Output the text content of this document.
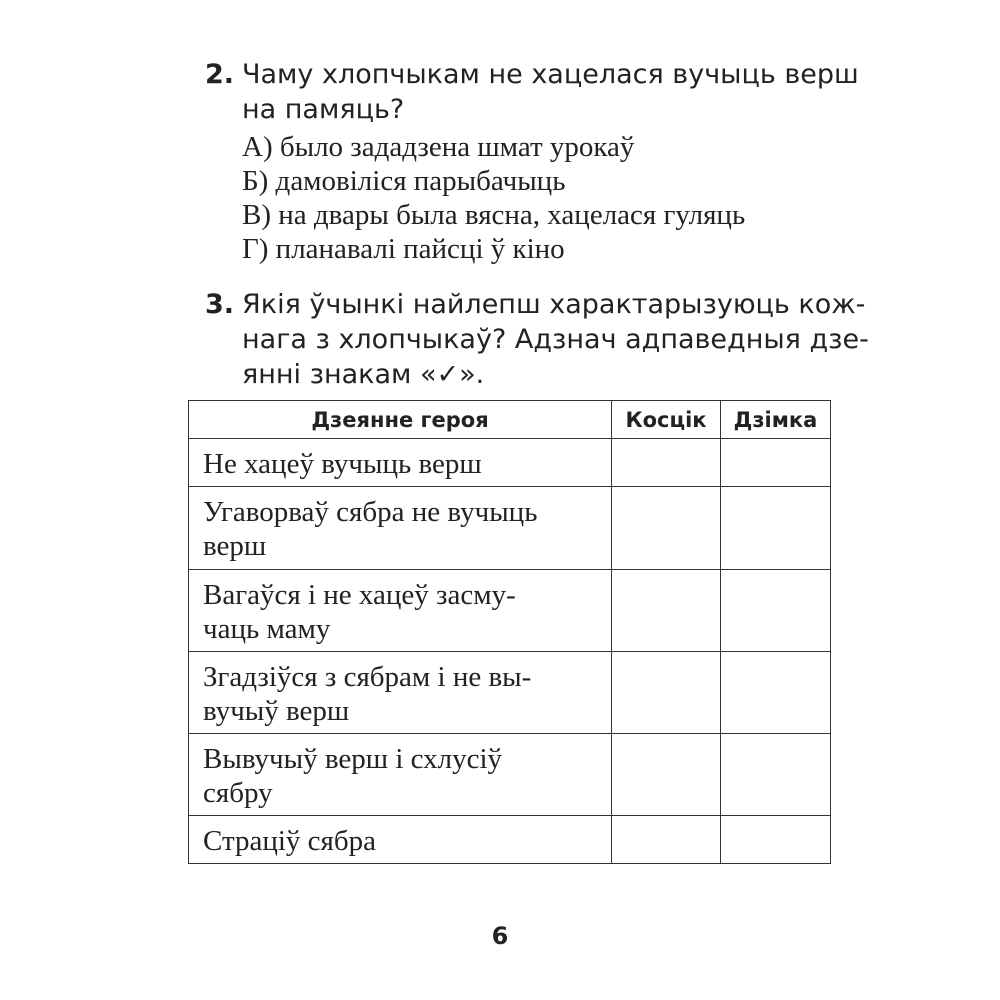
2. Чаму хлопчыкам не хацелася вучыць верш
на памяць?
А) было зададзена шмат урокаў
Б) дамовіліся парыбачыць
В) на двары была вясна, хацелася гуляць
Г) планавалі пайсці ў кіно
3. Якія ўчынкі найлепш характарызуюць кож-
нага з хлопчыкаў? Адзнач адпаведныя дзе-
янні знакам «✓».
Дзеянне героя	Косцік	Дзімка

Не хацеў вучыць верш		

Угаворваў сябра не вучыць
верш		

Вагаўся і не хацеў засму-
чаць маму		

Згадзіўся з сябрам і не вы-
вучыў верш		

Вывучыў верш і схлусіў
сябру		

Страціў сябра		

6
